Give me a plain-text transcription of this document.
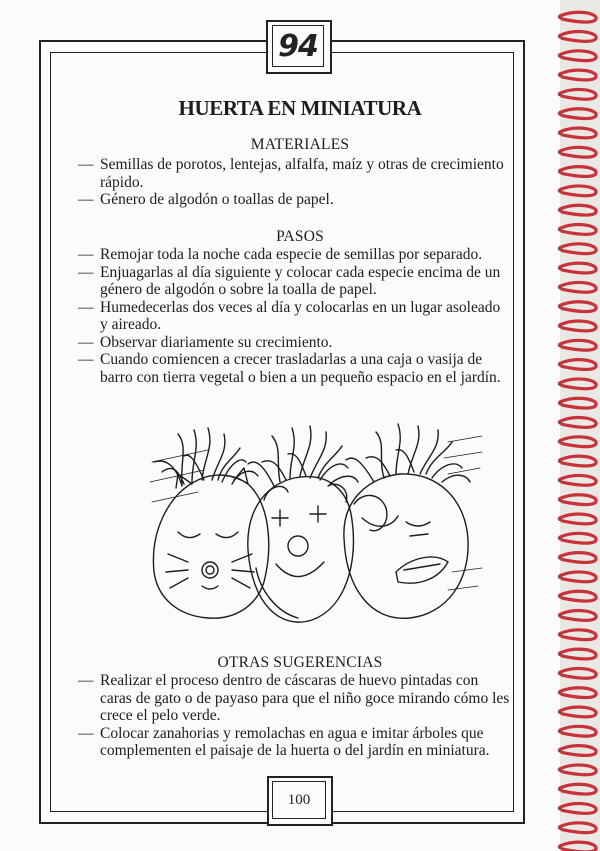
94
100
HUERTA EN MINIATURA
MATERIALES
— Semillas de porotos, lentejas, alfalfa, maíz y otras de crecimiento rápido.
— Género de algodón o toallas de papel.
PASOS
— Remojar toda la noche cada especie de semillas por separado.
— Enjuagarlas al día siguiente y colocar cada especie encima de un género de algodón o sobre la toalla de papel.
— Humedecerlas dos veces al día y colocarlas en un lugar asoleado y aireado.
— Observar diariamente su crecimiento.
— Cuando comiencen a crecer trasladarlas a una caja o vasija de barro con tierra vegetal o bien a un pequeño espacio en el jardín.
OTRAS SUGERENCIAS
— Realizar el proceso dentro de cáscaras de huevo pintadas con caras de gato o de payaso para que el niño goce mirando cómo les crece el pelo verde.
— Colocar zanahorias y remolachas en agua e imitar árboles que complementen el paisaje de la huerta o del jardín en miniatura.
